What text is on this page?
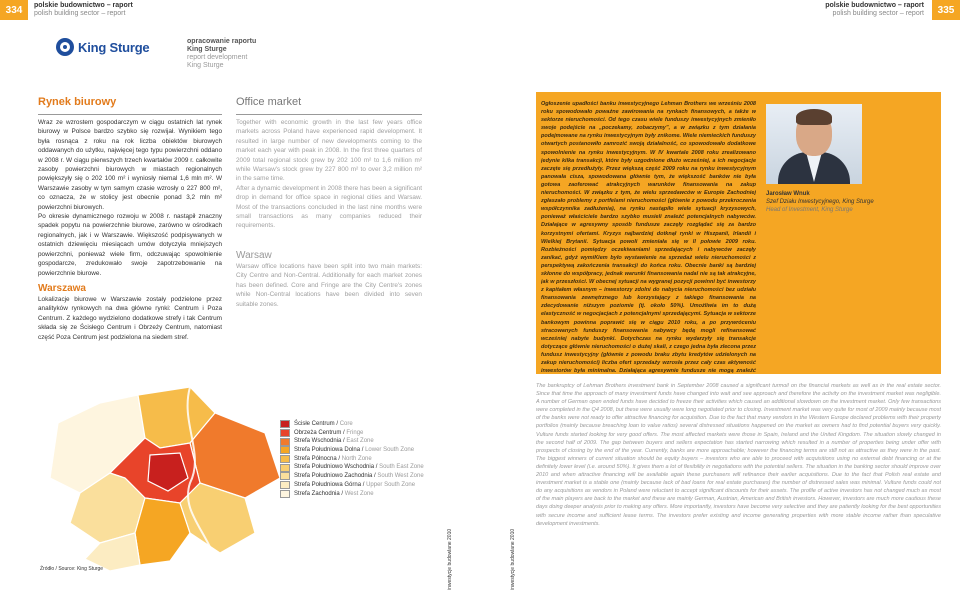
334	polskie budownictwo – raport
polish building sector – report	335
polskie budownictwo – raport
polish building sector – report
King Sturge	opracowanie raportu
King Sturge
report development
King Sturge
Rynek biurowy	Office market
Wraz ze wzrostem gospodarczym w ciągu ostatnich lat rynek biurowy w Polsce bardzo szybko się rozwijał. Wynikiem tego była rosnąca z roku na rok liczba obiektów biurowych oddawanych do użytku, najwięcej tego typu powierzchni oddano w 2008 r. W ciągu pierwszych trzech kwartałów 2009 r. całkowite zasoby powierzchni biurowych w miastach regionalnych powiększyły się o 202 100 m² i wyniosły niemal 1,6 mln m². W Warszawie zasoby w tym samym czasie wzrosły o 227 800 m², co oznacza, że w stolicy jest obecnie ponad 3,2 mln m² powierzchni biurowych.
Po okresie dynamicznego rozwoju w 2008 r. nastąpił znaczny spadek popytu na powierzchnie biurowe, zarówno w ośrodkach regionalnych, jak i w Warszawie. Większość podpisywanych w ostatnich dziewięciu miesiącach umów dotyczyła mniejszych powierzchni, ponieważ wiele firm, odczuwając spowolnienie gospodarcze, zredukowało swoje zapotrzebowanie na powierzchnie biurowe.
Warszawa
Lokalizacje biurowe w Warszawie zostały podzielone przez analityków rynkowych na dwa główne rynki: Centrum i Poza Centrum. Z każdego wydzielono dodatkowe strefy i tak Centrum składa się ze Ścisłego Centrum i Obrzeży Centrum, natomiast część Poza Centrum jest podzielona na siedem stref.
Together with economic growth in the last few years office markets across Poland have experienced rapid development. It resulted in large number of new developments coming to the market each year with peak in 2008. In the first three quarters of 2009 total regional stock grew by 202 100 m² to 1,6 million m² while Warsaw's stock grew by 227 800 m² to over 3,2 million m² in the same time.
After a dynamic development in 2008 there has been a significant drop in demand for office space in regional cities and Warsaw. Most of the transactions concluded in the last nine months were small transactions as many companies reduced their requirements.
Warsaw
Warsaw office locations have been split into two main markets: City Centre and Non-Central. Additionally for each market zones has been defined. Core and Fringe are the City Centre's zones while Non-Central locations have been divided into seven suitable zones.
Ogłoszenie upadłości banku inwestycyjnego Lehman Brothers we wrześniu 2008 roku spowodowało poważne zawirowania na rynkach finansowych, a także w sektorze nieruchomości. Od tego czasu wiele funduszy inwestycyjnych zmieniło swoje podejście na „poczekamy, zobaczymy”, a w związku z tym działania podejmowane na rynku inwestycyjnym były znikome. Wiele niemieckich funduszy otwartych postanowiło zamrozić swoją działalność, co spowodowało dodatkowe spowolnienie na rynku inwestycyjnym. W IV kwartale 2008 roku zrealizowano jedynie kilka transakcji, które były uzgodnione dłużo wcześniej, a ich negocjacje zaczęte się przedłużyły. Przez większą część 2009 roku na rynku inwestycyjnym panowała cisza, spowodowana głównie tym, że większość banków nie była gotowa zaoferować atrakcyjnych warunków finansowania na zakup nieruchomości. W związku z tym, że wielu sprzedawców w Europie Zachodniej zgłaszało problemy z portfelami nieruchomości (głównie z powodu przekroczenia współczynnika zadłużenia), na rynku nastąpiło wiele sytuacji kryzysowych, ponieważ właściciele bardzo szybko musieli znaleźć potencjalnych nabywców. Działające w agresywny sposób fundusze zaczęły rozglądać się za bardzo korzystnymi ofertami. Kryzys najbardziej dotknął rynki w Hiszpanii, Irlandii i Wielkiej Brytanii. Sytuacja powoli zmieniała się w II połowie 2009 roku. Rozbieżności pomiędzy oczekiwaniami sprzedających i nabywców zaczęły zanikać, gdyż wymiKiem było wystawienie na sprzedaż wielu nieruchomości z perspektywą zakończenia transakcji do końca roku. Obecnie banki są bardziej skłonne do współpracy, jednak warunki finansowania nadal nie są tak atrakcyjne, jak w przeszłości. W obecnej sytuacji na wygranej pozycji powinni być inwestorzy z kapitałem własnym – inwestorzy zdolni do nabycia nieruchomości bez udziału finansowania zewnętrznego lub korzystający z takiego finansowania na zdecydowanie niższym poziomie (tj. około 50%). Umożliwia im to dużą elastyczność w negocjacjach z potencjalnymi sprzedającymi. Sytuacja w sektorze bankowym powinna poprawić się w ciągu 2010 roku, a po przywróceniu stracowanych funduszy finansowania nabywcy będą mogli refinansować wcześniej nabyte budynki. Dotychczas na rynku wydarzyły się transakcje dotyczące głównie nieruchomości o dużej skali, z czego jedna była zlecona przez fundusz inwestycyjny (głównie z powodu braku zbytu kredytów udzielonych na zakup nieruchomości) liczba ofert sprzedaży wzrosła przez cały czas aktywność inwestorów była minimalna. Działająca agresywnie fundusze nie mogą znaleźć
Jarosław Wnuk
Szef Działu Inwestycyjnego, King Sturge
Head of Investment, King Sturge
The bankruptcy of Lehman Brothers investment bank in September 2008 caused a significant turmoil on the financial markets as well as in the real estate sector. Since that time the approach of many investment funds have changed into wait and see approach and therefore the activity on the investment market was negligible. A number of German open ended funds have decided to freeze their activities which caused an additional slowdown on the investment market. Only few transactions were completed in the Q4 2008, but these were usually were long negotiated prior to closing. Investment market was very quite for most of 2009 mainly because most of the banks were not ready to offer attractive financing for acquisition. Due to the fact that many vendors in the Western Europe declared problems with their property portfolios (mainly because breaching loan to value ratios) several distressed situations happened on the market as owners had to find potential buyers very quickly. Vulture funds started looking for very good offers. The most affected markets were those in Spain, Ireland and the United Kingdom. The situation slowly changed in the second half of 2009. The gap between buyers and sellers expectation has started narrowing which resulted in a number of properties being under offer with prospects of closing by the end of the year. Currently, banks are more approachable; however the financing terms are still not as attractive as they were in the past. The biggest winners of current situation should be equity buyers – investors who are able to proceed with acquisitions using no external debt financing or at the definitely lower level (i.e. around 50%). It gives them a lot of flexibility in negotiations with the potential sellers. The situation in the banking sector should improve over 2010 and when attractive financing will be available again these purchasers will refinance their earlier acquisitions. Due to the fact that Polish real estate and investment market is a stable one (mainly because lack of bad loans for real estate purchases) the number of distressed sales was minimal. Vulture funds could not do any acquisitions as vendors in Poland were reluctant to accept significant discounts for their assets. The profile of active investors has not changed much as most of the main players are back to the market and these are mainly German, Austrian, American and British investors. However, investors are much more cautious these days doing deeper analysis prior to making any offers. More importantly, investors have become very selective and they are patiently looking for the best opportunities with secure income and sufficient lease terms. The investors prefer existing and income generating properties with more stable income rather than speculative development investments.
Ścisłe Centrum / Core
Obrzeża Centrum / Fringe
Strefa Wschodnia / East Zone
Strefa Południowa Dolna / Lower South Zone
Strefa Północna / North Zone
Strefa Południowo Wschodnia / South East Zone
Strefa Południowo Zachodnia / South West Zone
Strefa Południowa Górna / Upper South Zone
Strefa Zachodnia / West Zone
Źródło / Source: King Sturge	inwestycje budowlane 2010	inwestycje budowlane 2010
